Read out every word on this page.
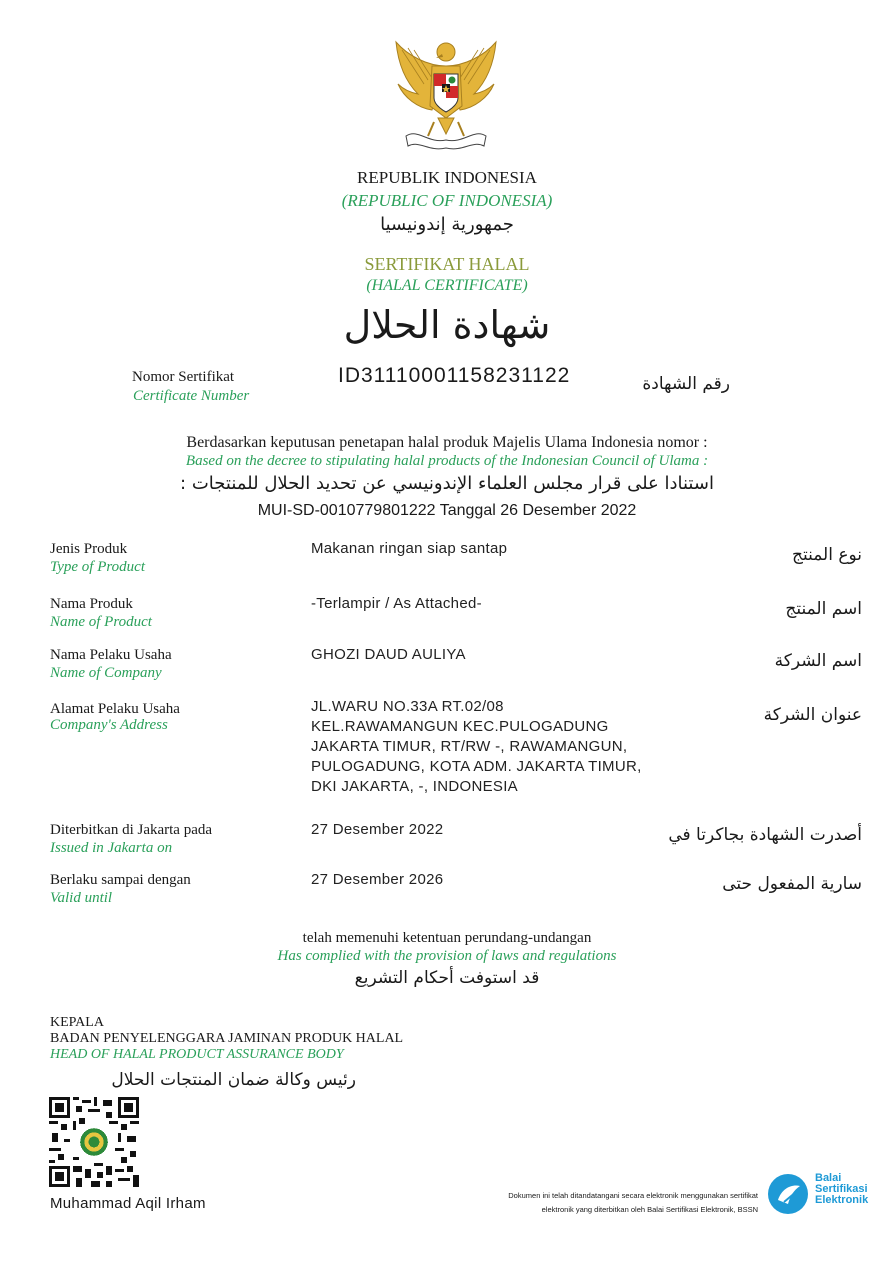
REPUBLIK INDONESIA
(REPUBLIC OF INDONESIA)
جمهورية إندونيسيا
SERTIFIKAT HALAL
(HALAL CERTIFICATE)
شهادة الحلال
Nomor Sertifikat
Certificate Number
ID31110001158231122	رقم الشهادة
Berdasarkan keputusan penetapan halal produk Majelis Ulama Indonesia nomor :
Based on the decree to stipulating halal products of the Indonesian Council of Ulama :
استنادا على قرار مجلس العلماء الإندونيسي عن تحديد الحلال للمنتجات :
MUI-SD-0010779801222 Tanggal 26 Desember 2022
Jenis Produk
Type of Product
Makanan ringan siap santap	نوع المنتج
Nama Produk
Name of Product
-Terlampir / As Attached-	اسم المنتج
Nama Pelaku Usaha
Name of Company
GHOZI DAUD AULIYA	اسم الشركة
Alamat Pelaku Usaha
Company's Address
JL.WARU NO.33A RT.02/08
KEL.RAWAMANGUN KEC.PULOGADUNG
JAKARTA TIMUR, RT/RW -, RAWAMANGUN,
PULOGADUNG, KOTA ADM. JAKARTA TIMUR,
DKI JAKARTA, -, INDONESIA
عنوان الشركة
Diterbitkan di Jakarta pada
Issued in Jakarta on
27 Desember 2022	أصدرت الشهادة بجاكرتا في
Berlaku sampai dengan
Valid until
27 Desember 2026	سارية المفعول حتى
telah memenuhi ketentuan perundang-undangan
Has complied with the provision of laws and regulations
قد استوفت أحكام التشريع
KEPALA
BADAN PENYELENGGARA JAMINAN PRODUK HALAL
HEAD OF HALAL PRODUCT ASSURANCE BODY
رئيس وكالة ضمان المنتجات الحلال
Muhammad Aqil Irham	Dokumen ini telah ditandatangani secara elektronik menggunakan sertifikat
elektronik yang diterbitkan oleh Balai Sertifikasi Elektronik, BSSN
Balai
Sertifikasi
Elektronik
